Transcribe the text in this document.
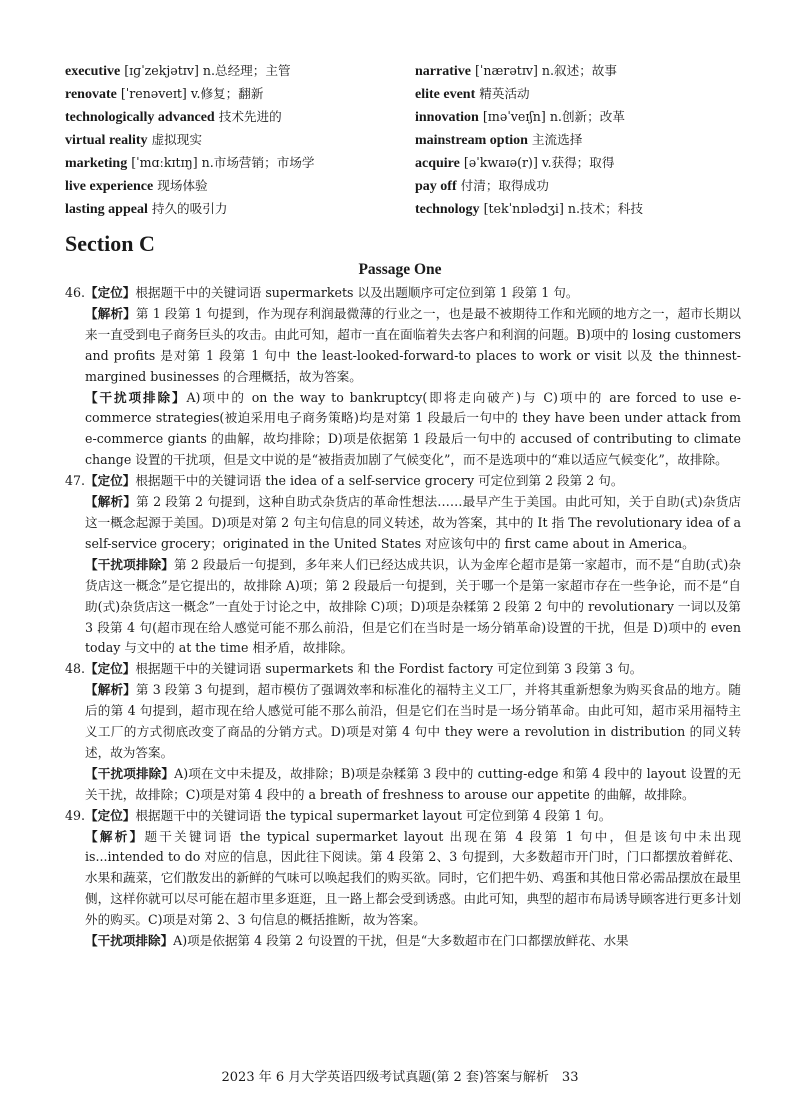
executive [ɪɡˈzekjətɪv] n.总经理；主管
renovate [ˈrenəveɪt] v.修复；翻新
technologically advanced 技术先进的
virtual reality 虚拟现实
marketing [ˈmɑːkɪtɪŋ] n.市场营销；市场学
live experience 现场体验
lasting appeal 持久的吸引力
narrative [ˈnærətɪv] n.叙述；故事
elite event 精英活动
innovation [ɪnəˈveɪʃn] n.创新；改革
mainstream option 主流选择
acquire [əˈkwaɪə(r)] v.获得；取得
pay off 付清；取得成功
technology [tekˈnɒlədʒi] n.技术；科技
Section C
Passage One
46. 【定位】根据题干中的关键词语 supermarkets 以及出题顺序可定位到第 1 段第 1 句。
【解析】第 1 段第 1 句提到，作为现存利润最微薄的行业之一，也是最不被期待工作和光顾的地方之一，超市长期以来一直受到电子商务巨头的攻击。由此可知，超市一直在面临着失去客户和利润的问题。B)项中的 losing customers and profits 是对第 1 段第 1 句中 the least-looked-forward-to places to work or visit 以及 the thinnest-margined businesses 的合理概括，故为答案。
【干扰项排除】A)项中的 on the way to bankruptcy(即将走向破产)与 C)项中的 are forced to use e-commerce strategies(被迫采用电子商务策略)均是对第 1 段最后一句中的 they have been under attack from e-commerce giants 的曲解，故均排除；D)项是依据第 1 段最后一句中的 accused of contributing to climate change 设置的干扰项，但是文中说的是“被指责加剧了气候变化”，而不是选项中的“难以适应气候变化”，故排除。
47. 【定位】根据题干中的关键词语 the idea of a self-service grocery 可定位到第 2 段第 2 句。
【解析】第 2 段第 2 句提到，这种自助式杂货店的革命性想法……最早产生于美国。由此可知，关于自助(式)杂货店这一概念起源于美国。D)项是对第 2 句主句信息的同义转述，故为答案，其中的 It 指 The revolutionary idea of a self-service grocery；originated in the United States 对应该句中的 first came about in America。
【干扰项排除】第 2 段最后一句提到，多年来人们已经达成共识，认为金库仑超市是第一家超市，而不是“自助(式)杂货店这一概念”是它提出的，故排除 A)项；第 2 段最后一句提到，关于哪一个是第一家超市存在一些争论，而不是“自助(式)杂货店这一概念”一直处于讨论之中，故排除 C)项；D)项是杂糅第 2 段第 2 句中的 revolutionary 一词以及第 3 段第 4 句(超市现在给人感觉可能不那么前沿，但是它们在当时是一场分销革命)设置的干扰，但是 D)项中的 even today 与文中的 at the time 相矛盾，故排除。
48. 【定位】根据题干中的关键词语 supermarkets 和 the Fordist factory 可定位到第 3 段第 3 句。
【解析】第 3 段第 3 句提到，超市模仿了强调效率和标准化的福特主义工厂，并将其重新想象为购买食品的地方。随后的第 4 句提到，超市现在给人感觉可能不那么前沿，但是它们在当时是一场分销革命。由此可知，超市采用福特主义工厂的方式彻底改变了商品的分销方式。D)项是对第 4 句中 they were a revolution in distribution 的同义转述，故为答案。
【干扰项排除】A)项在文中未提及，故排除；B)项是杂糅第 3 段中的 cutting-edge 和第 4 段中的 layout 设置的无关干扰，故排除；C)项是对第 4 段中的 a breath of freshness to arouse our appetite 的曲解，故排除。
49. 【定位】根据题干中的关键词语 the typical supermarket layout 可定位到第 4 段第 1 句。
【解析】题干关键词语 the typical supermarket layout 出现在第 4 段第 1 句中，但是该句中未出现 is...intended to do 对应的信息，因此往下阅读。第 4 段第 2、3 句提到，大多数超市开门时，门口都摆放着鲜花、水果和蔬菜，它们散发出的新鲜的气味可以唤起我们的购买欲。同时，它们把牛奶、鸡蛋和其他日常必需品摆放在最里侧，这样你就可以尽可能在超市里多逛逛，且一路上都会受到诱惑。由此可知，典型的超市布局诱导顾客进行更多计划外的购买。C)项是对第 2、3 句信息的概括推断，故为答案。
【干扰项排除】A)项是依据第 4 段第 2 句设置的干扰，但是“大多数超市在门口都摆放鲜花、水果
2023 年 6 月大学英语四级考试真题(第 2 套)答案与解析　33
